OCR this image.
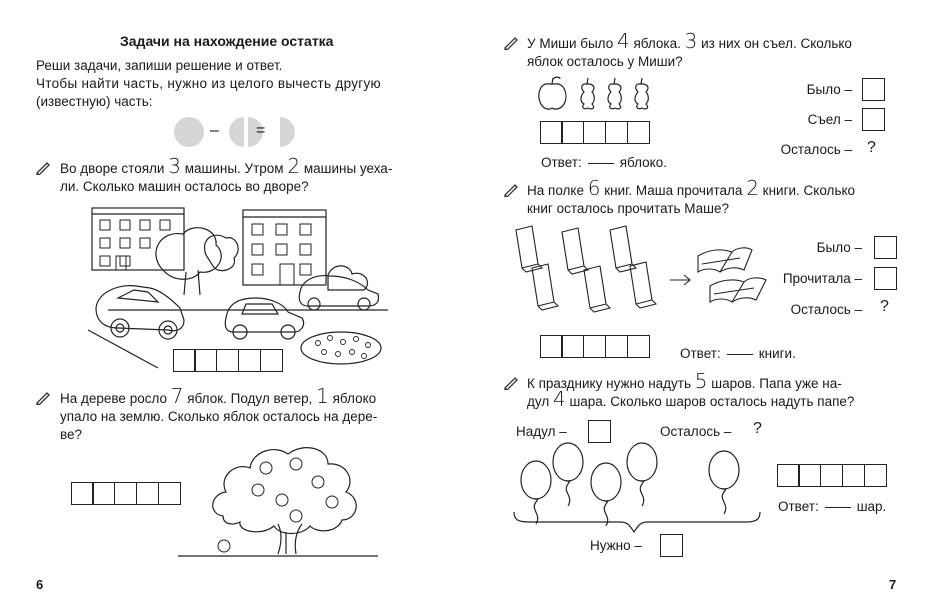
Задачи на нахождение остатка
Реши задачи, запиши решение и ответ.
Чтобы найти часть, нужно из целого вычесть другую
(известную) часть:
– =
Во дворе стояли 3 машины. Утром 2 машины уеха-
ли. Сколько машин осталось во дворе?
На дереве росло 7 яблок. Подул ветер, 1 яблоко
упало на землю. Сколько яблок осталось на дере-
ве?
6
У Миши было 4 яблока. 3 из них он съел. Сколько
яблок осталось у Миши?
Ответ:	яблоко.
Было –
Съел –
Осталось – ?
На полке 6 книг. Маша прочитала 2 книги. Сколько
книг осталось прочитать Маше?
Ответ:	книги.
Было –
Прочитала –
Осталось – ?
К празднику нужно надуть 5 шаров. Папа уже на-
дул 4 шара. Сколько шаров осталось надуть папе?
Надул –	Осталось – ?
Нужно –
Ответ:	шар.
7
